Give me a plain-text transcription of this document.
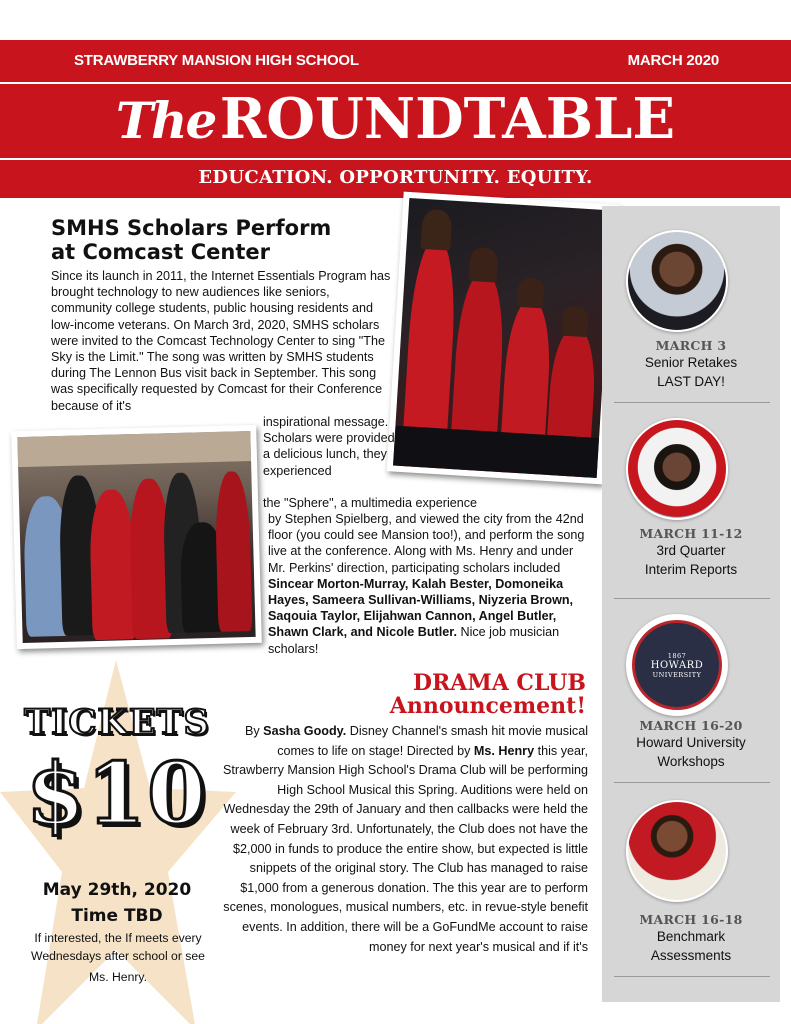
STRAWBERRY MANSION HIGH SCHOOL	MARCH 2020
The ROUNDTABLE
EDUCATION. OPPORTUNITY. EQUITY.
SMHS Scholars Perform
at Comcast Center
Since its launch in 2011, the Internet Essentials Program has brought technology to new audiences like seniors, community college students, public housing residents and low-income veterans. On March 3rd, 2020, SMHS scholars were invited to the Comcast Technology Center to sing "The Sky is the Limit." The song was written by SMHS students during The Lennon Bus visit back in September. This song was specifically requested by Comcast for their Conference because of it's
inspirational message. Scholars were provided a delicious lunch, they experienced
the "Sphere", a multimedia experience
by Stephen Spielberg, and viewed the city from the 42nd floor (you could see Mansion too!), and perform the song live at the conference. Along with Ms. Henry and under Mr. Perkins' direction, participating scholars included Sincear Morton-Murray, Kalah Bester, Domoneika Hayes, Sameera Sullivan-Williams, Niyzeria Brown, Saqouia Taylor, Elijahwan Cannon, Angel Butler, Shawn Clark, and Nicole Butler. Nice job musician scholars!
TICKETS
$10
May 29th, 2020
Time TBD
If interested, the If meets every Wednesdays after school or see
Ms. Henry.
DRAMA CLUB
Announcement!
By Sasha Goody. Disney Channel's smash hit movie musical comes to life on stage! Directed by Ms. Henry this year, Strawberry Mansion High School's Drama Club will be performing High School Musical this Spring. Auditions were held on Wednesday the 29th of January and then callbacks were held the week of February 3rd. Unfortunately, the Club does not have the $2,000 in funds to produce the entire show, but expected is little snippets of the original story. The Club has managed to raise $1,000 from a generous donation. The this year are to perform scenes, monologues, musical numbers, etc. in revue-style benefit events. In addition, there will be a GoFundMe account to raise money for next year's musical and if it's
MARCH 3
Senior Retakes
LAST DAY!
MARCH 11-12
3rd Quarter
Interim Reports
1867
HOWARD
UNIVERSITY
MARCH 16-20
Howard University
Workshops
MARCH 16-18
Benchmark
Assessments
